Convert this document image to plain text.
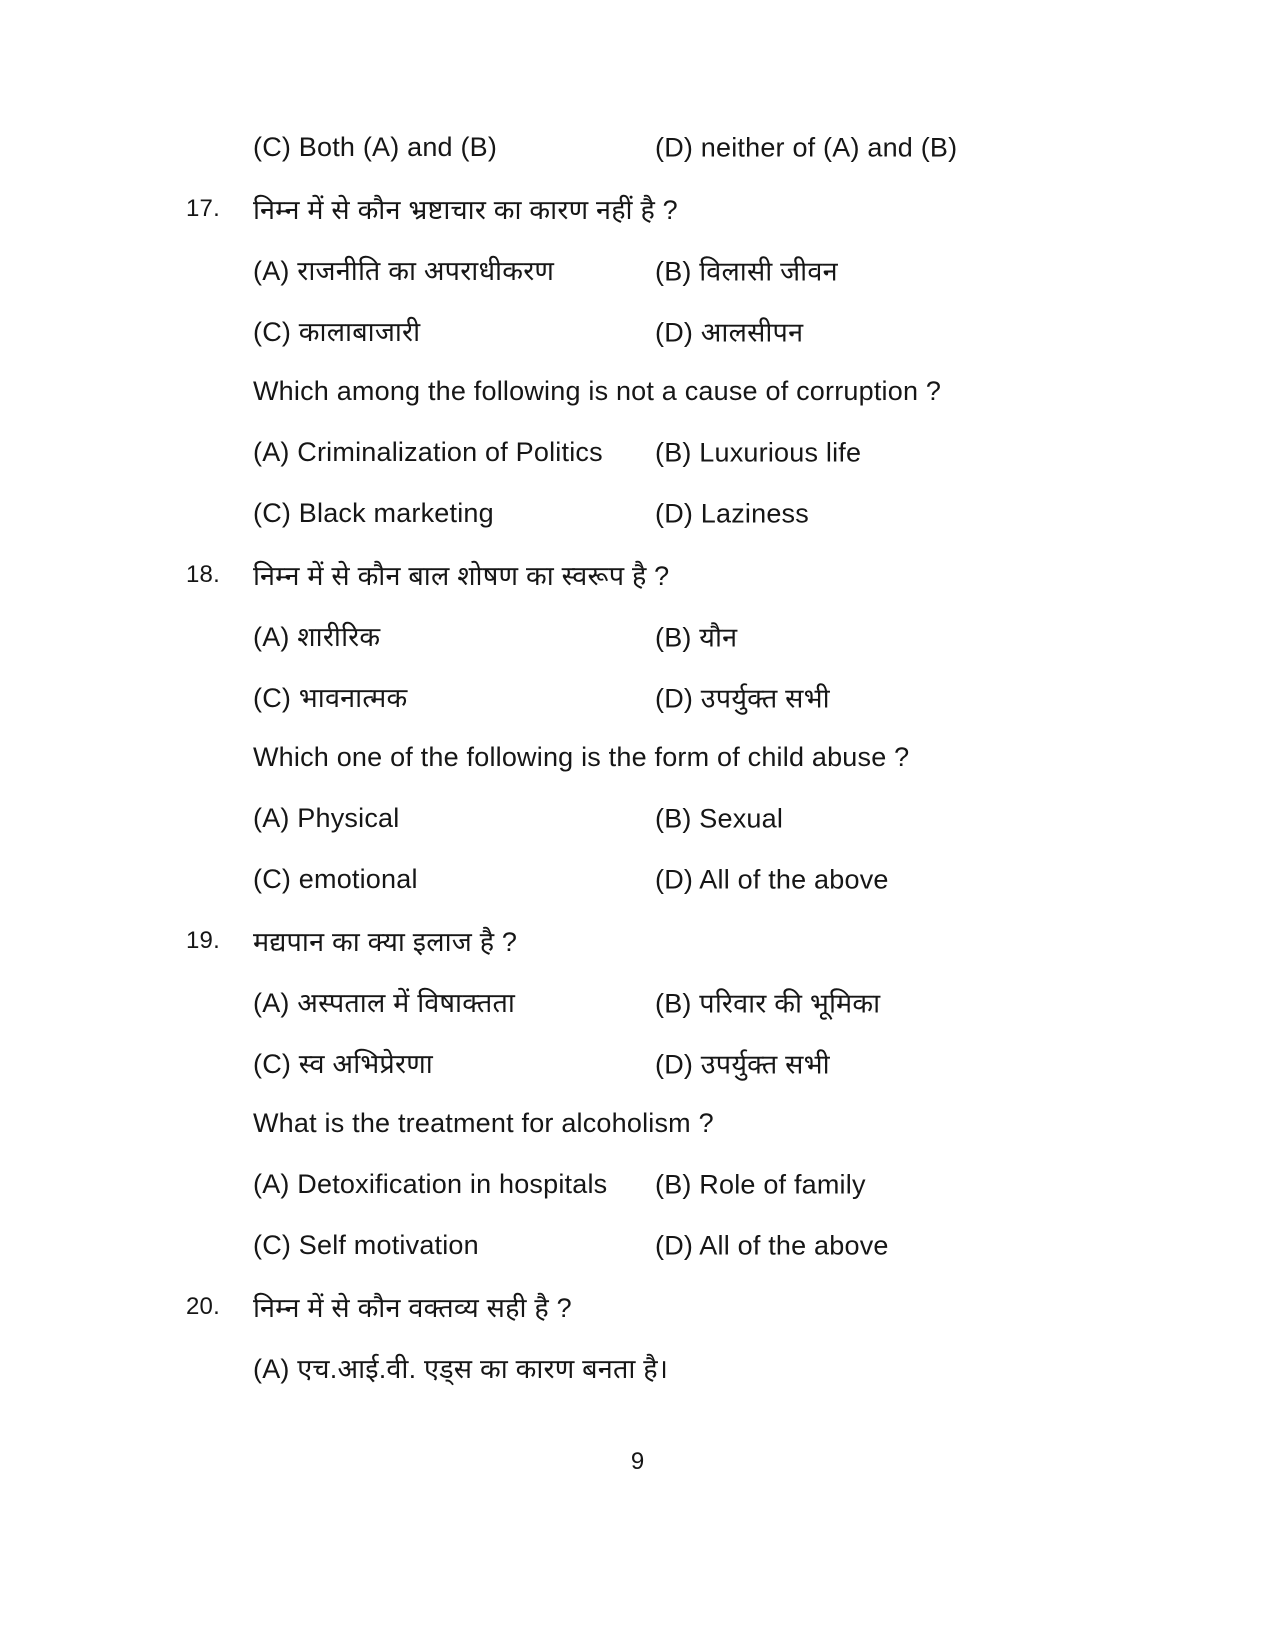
(C) Both (A) and (B)	(D) neither of (A) and (B)
17. निम्न में से कौन भ्रष्टाचार का कारण नहीं है ?
(A) राजनीति का अपराधीकरण	(B) विलासी जीवन
(C) कालाबाजारी	(D) आलसीपन
Which among the following is not a cause of corruption ?
(A) Criminalization of Politics (B) Luxurious life
(C) Black marketing	(D) Laziness
18. निम्न में से कौन बाल शोषण का स्वरूप है ?
(A) शारीरिक	(B) यौन
(C) भावनात्मक	(D) उपर्युक्त सभी
Which one of the following is the form of child abuse ?
(A) Physical	(B) Sexual
(C) emotional	(D) All of the above
19. मद्यपान का क्या इलाज है ?
(A) अस्पताल में विषाक्तता	(B) परिवार की भूमिका
(C) स्व अभिप्रेरणा	(D) उपर्युक्त सभी
What is the treatment for alcoholism ?
(A) Detoxification in hospitals (B) Role of family
(C) Self motivation	(D) All of the above
20. निम्न में से कौन वक्तव्य सही है ?
(A) एच.आई.वी. एड्स का कारण बनता है।
9
